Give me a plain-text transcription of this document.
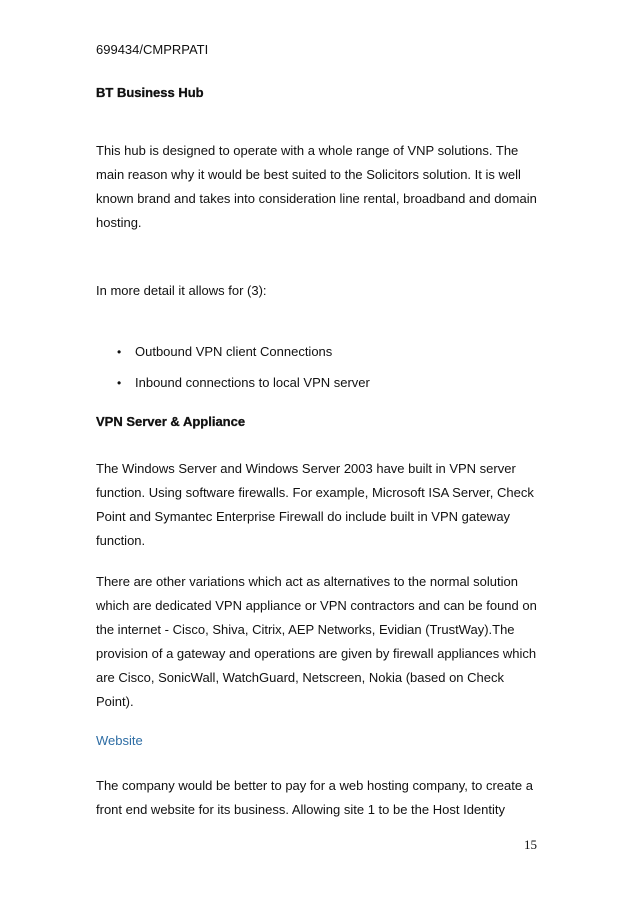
699434/CMPRPATI
BT Business Hub
This hub is designed to operate with a whole range of VNP solutions. The
main reason why it would be best suited to the Solicitors solution. It is well
known brand and takes into consideration line rental, broadband and domain
hosting.
In more detail it allows for (3):
• Outbound VPN client Connections
• Inbound connections to local VPN server
VPN Server & Appliance
The Windows Server and Windows Server 2003 have built in VPN server
function. Using software firewalls. For example, Microsoft ISA Server, Check
Point and Symantec Enterprise Firewall do include built in VPN gateway
function.
There are other variations which act as alternatives to the normal solution
which are dedicated VPN appliance or VPN contractors and can be found on
the internet - Cisco, Shiva, Citrix, AEP Networks, Evidian (TrustWay).The
provision of a gateway and operations are given by firewall appliances which
are Cisco, SonicWall, WatchGuard, Netscreen, Nokia (based on Check
Point).
Website
The company would be better to pay for a web hosting company, to create a
front end website for its business. Allowing site 1 to be the Host Identity
15
